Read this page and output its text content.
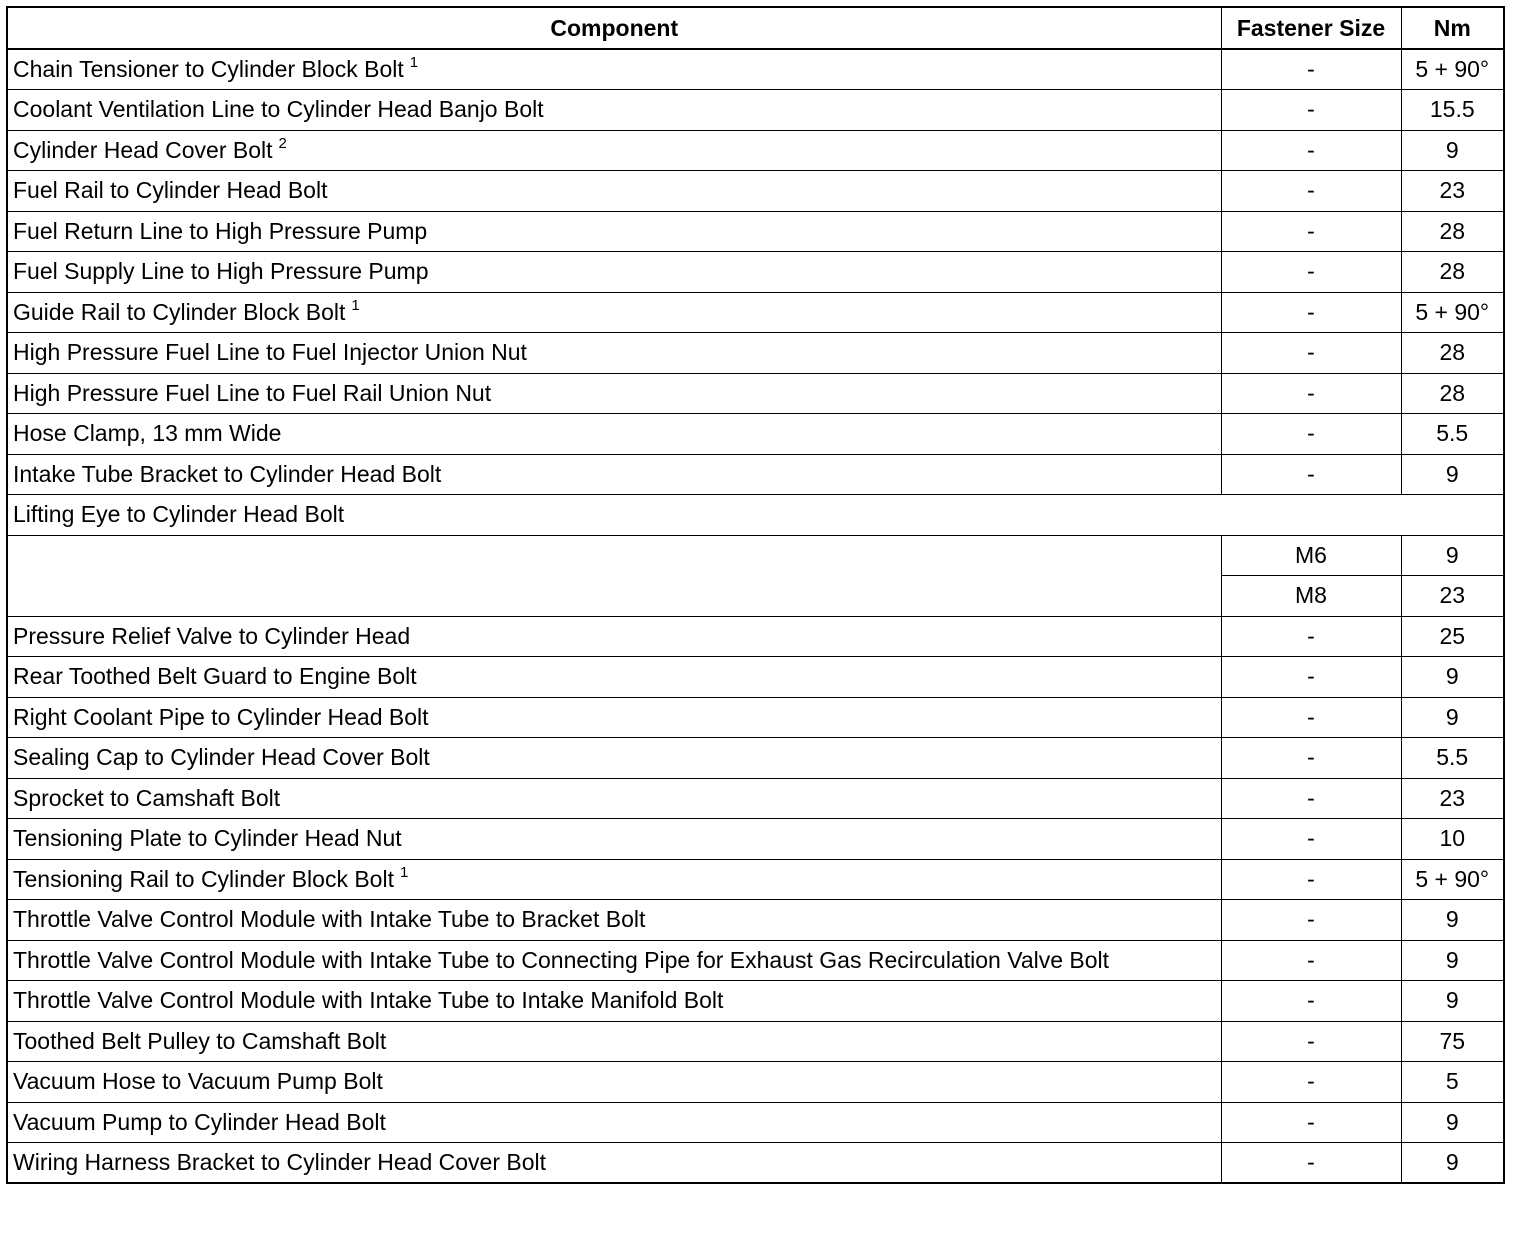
Component	Fastener Size	Nm
Chain Tensioner to Cylinder Block Bolt $^1$	-	5 + 90°
Coolant Ventilation Line to Cylinder Head Banjo Bolt	-	15.5
Cylinder Head Cover Bolt $^2$	-	9
Fuel Rail to Cylinder Head Bolt	-	23
Fuel Return Line to High Pressure Pump	-	28
Fuel Supply Line to High Pressure Pump	-	28
Guide Rail to Cylinder Block Bolt $^1$	-	5 + 90°
High Pressure Fuel Line to Fuel Injector Union Nut	-	28
High Pressure Fuel Line to Fuel Rail Union Nut	-	28
Hose Clamp, 13 mm Wide	-	5.5
Intake Tube Bracket to Cylinder Head Bolt	-	9
Lifting Eye to Cylinder Head Bolt		
	M6	9
	M8	23
Pressure Relief Valve to Cylinder Head	-	25
Rear Toothed Belt Guard to Engine Bolt	-	9
Right Coolant Pipe to Cylinder Head Bolt	-	9
Sealing Cap to Cylinder Head Cover Bolt	-	5.5
Sprocket to Camshaft Bolt	-	23
Tensioning Plate to Cylinder Head Nut	-	10
Tensioning Rail to Cylinder Block Bolt $^1$	-	5 + 90°
Throttle Valve Control Module with Intake Tube to Bracket Bolt	-	9
Throttle Valve Control Module with Intake Tube to Connecting Pipe for Exhaust Gas Recirculation Valve Bolt	-	9
Throttle Valve Control Module with Intake Tube to Intake Manifold Bolt	-	9
Toothed Belt Pulley to Camshaft Bolt	-	75
Vacuum Hose to Vacuum Pump Bolt	-	5
Vacuum Pump to Cylinder Head Bolt	-	9
Wiring Harness Bracket to Cylinder Head Cover Bolt	-	9
